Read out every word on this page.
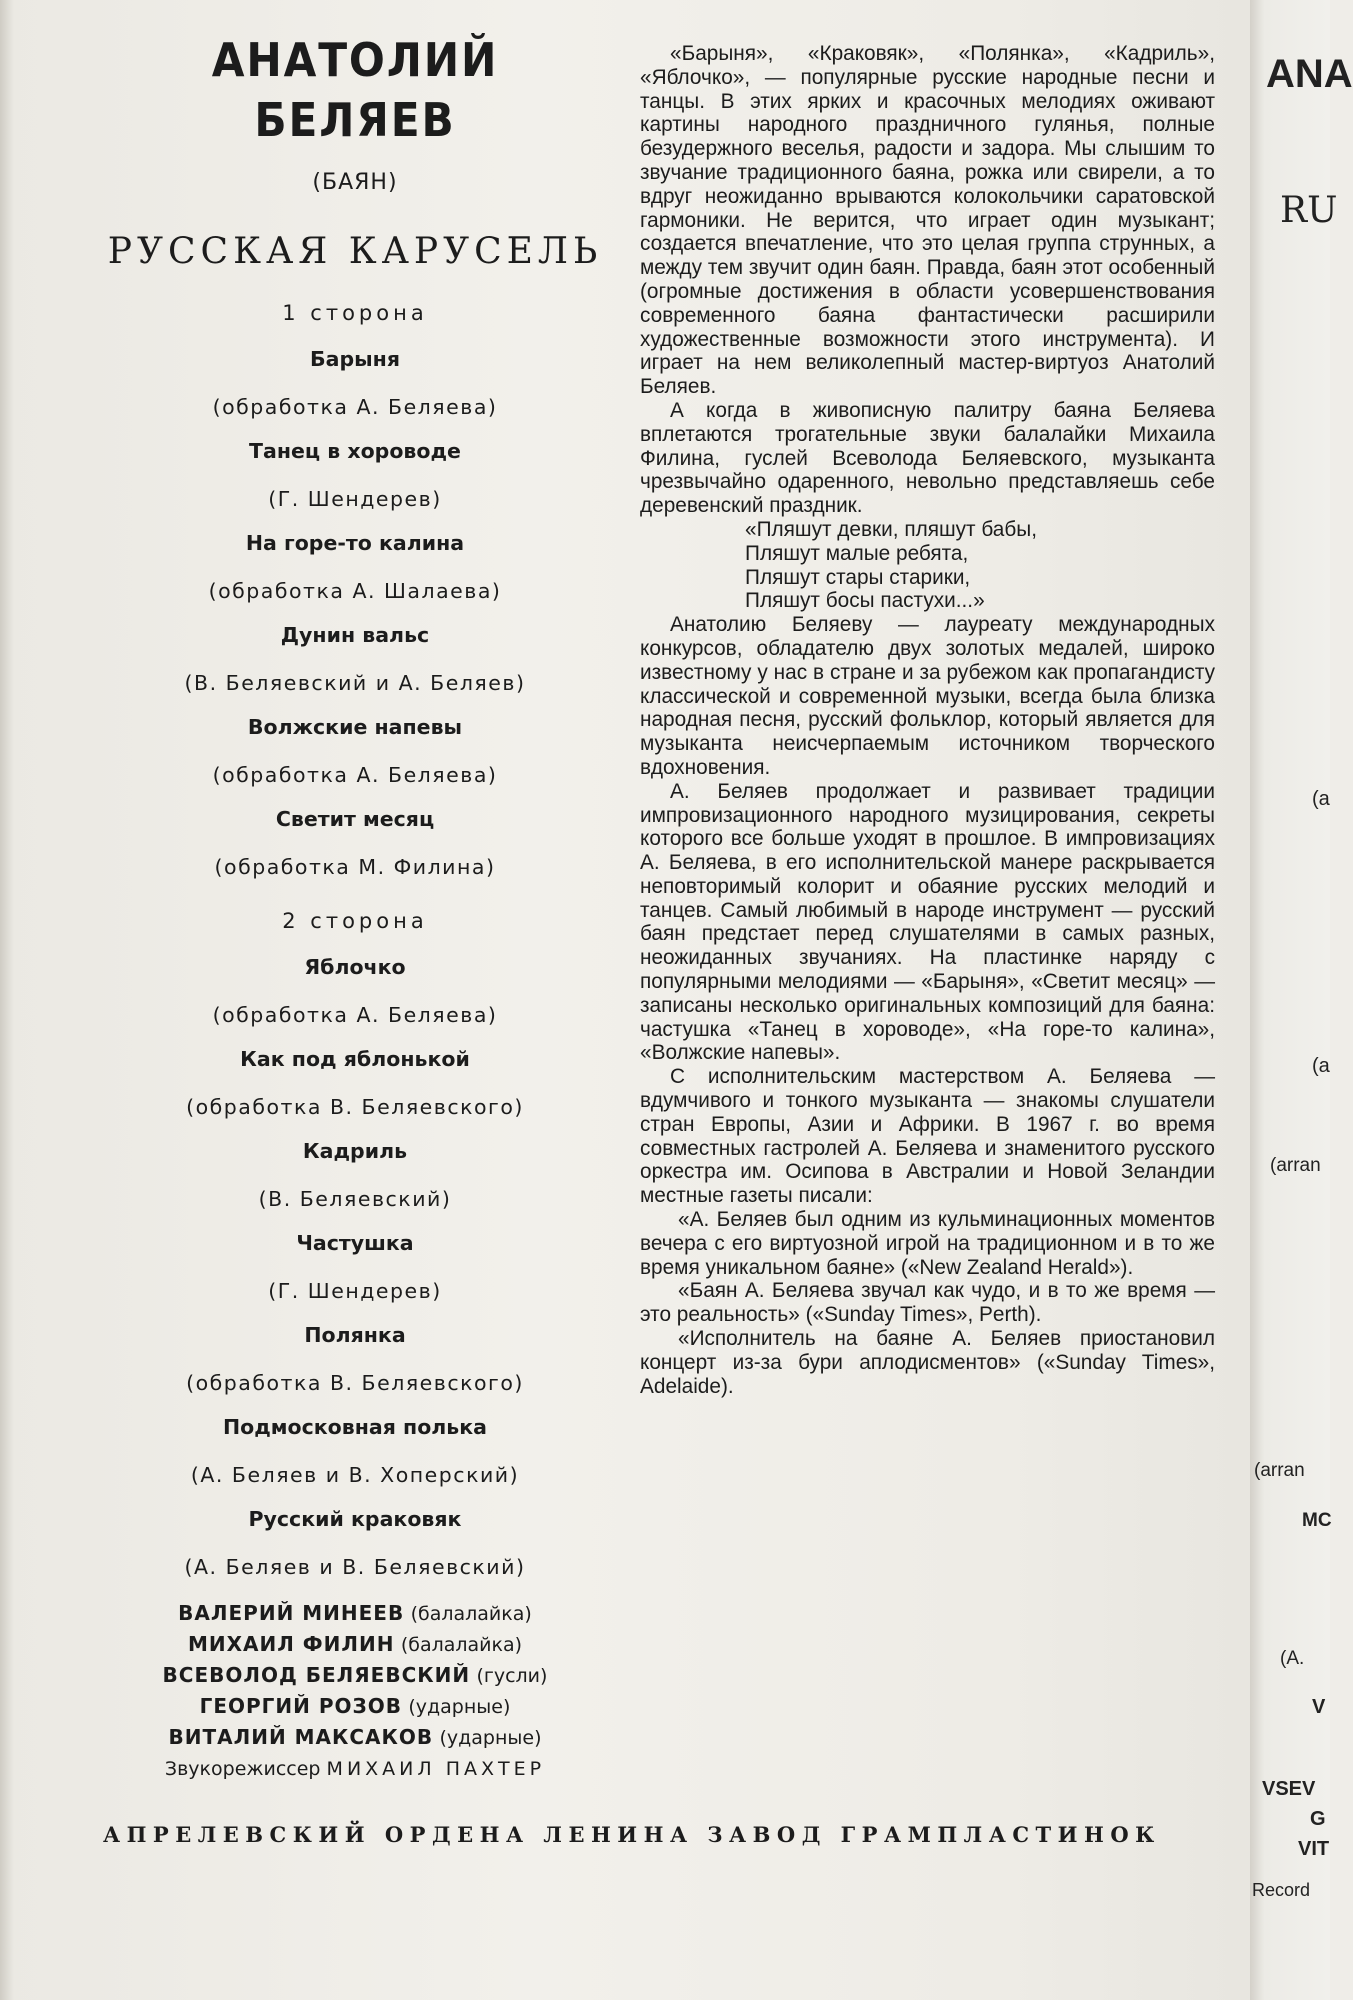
АНАТОЛИЙ БЕЛЯЕВ
(БАЯН)
РУССКАЯ КАРУСЕЛЬ
1 сторона
Барыня
(обработка А. Беляева)
Танец в хороводе
(Г. Шендерев)
На горе-то калина
(обработка А. Шалаева)
Дунин вальс
(В. Беляевский и А. Беляев)
Волжские напевы
(обработка А. Беляева)
Светит месяц
(обработка М. Филина)
2 сторона
Яблочко
(обработка А. Беляева)
Как под яблонькой
(обработка В. Беляевского)
Кадриль
(В. Беляевский)
Частушка
(Г. Шендерев)
Полянка
(обработка В. Беляевского)
Подмосковная полька
(А. Беляев и В. Хоперский)
Русский краковяк
(А. Беляев и В. Беляевский)
ВАЛЕРИЙ МИНЕЕВ (балалайка)
МИХАИЛ ФИЛИН (балалайка)
ВСЕВОЛОД БЕЛЯЕВСКИЙ (гусли)
ГЕОРГИЙ РОЗОВ (ударные)
ВИТАЛИЙ МАКСАКОВ (ударные)
Звукорежиссер МИХАИЛ ПАХТЕР

«Барыня», «Краковяк», «Полянка», «Кадриль», «Яблочко», — популярные русские народные песни и танцы. В этих ярких и красочных мелодиях оживают картины народного праздничного гулянья, полные безудержного веселья, радости и задора. Мы слышим то звучание традиционного баяна, рожка или свирели, а то вдруг неожиданно врываются колокольчики саратовской гармоники. Не верится, что играет один музыкант; создается впечатление, что это целая группа струнных, а между тем звучит один баян. Правда, баян этот особенный (огромные достижения в области усовершенствования современного баяна фантастически расширили художественные возможности этого инструмента). И играет на нем великолепный мастер-виртуоз Анатолий Беляев.

А когда в живописную палитру баяна Беляева вплетаются трогательные звуки балалайки Михаила Филина, гуслей Всеволода Беляевского, музыканта чрезвычайно одаренного, невольно представляешь себе деревенский праздник.

«Пляшут девки, пляшут бабы,

Пляшут малые ребята,

Пляшут стары старики,

Пляшут босы пастухи...»

Анатолию Беляеву — лауреату международных конкурсов, обладателю двух золотых медалей, широко известному у нас в стране и за рубежом как пропагандисту классической и современной музыки, всегда была близка народная песня, русский фольклор, который является для музыканта неисчерпаемым источником творческого вдохновения.

А. Беляев продолжает и развивает традиции импровизационного народного музицирования, секреты которого все больше уходят в прошлое. В импровизациях А. Беляева, в его исполнительской манере раскрывается неповторимый колорит и обаяние русских мелодий и танцев. Самый любимый в народе инструмент — русский баян предстает перед слушателями в самых разных, неожиданных звучаниях. На пластинке наряду с популярными мелодиями — «Барыня», «Светит месяц» — записаны несколько оригинальных композиций для баяна: частушка «Танец в хороводе», «На горе-то калина», «Волжские напевы».

С исполнительским мастерством А. Беляева — вдумчивого и тонкого музыканта — знакомы слушатели стран Европы, Азии и Африки. В 1967 г. во время совместных гастролей А. Беляева и знаменитого русского оркестра им. Осипова в Австралии и Новой Зеландии местные газеты писали:

«А. Беляев был одним из кульминационных моментов вечера с его виртуозной игрой на традиционном и в то же время уникальном баяне» («New Zealand Herald»).

«Баян А. Беляева звучал как чудо, и в то же время — это реальность» («Sunday Times», Perth).

«Исполнитель на баяне А. Беляев приостановил концерт из-за бури аплодисментов» («Sunday Times», Adelaide).

ANA
RU
(a
(a
(arran
(arran
MC
(A.
V
VSEV
G
VIT
Record
АПРЕЛЕВСКИЙ ОРДЕНА ЛЕНИНА ЗАВОД ГРАМПЛАСТИНОК
